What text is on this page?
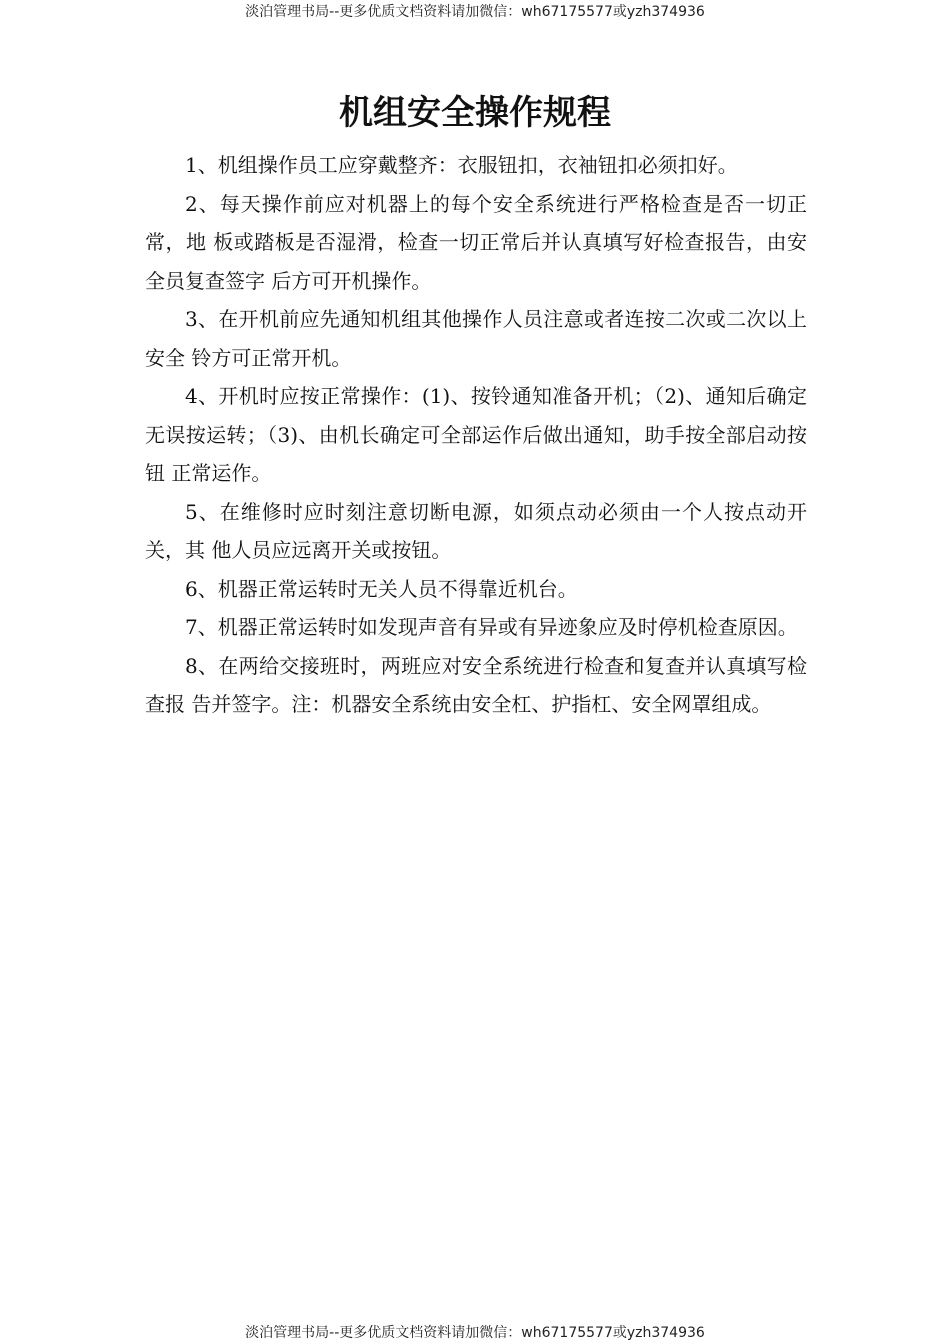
淡泊管理书局--更多优质文档资料请加微信：wh67175577或yzh374936
机组安全操作规程

1、机组操作员工应穿戴整齐：衣服钮扣，衣袖钮扣必须扣好。

2、每天操作前应对机器上的每个安全系统进行严格检查是否一切正常，地 板或踏板是否湿滑，检查一切正常后并认真填写好检查报告，由安全员复查签字 后方可开机操作。

3、在开机前应先通知机组其他操作人员注意或者连按二次或二次以上安全 铃方可正常开机。

4、开机时应按正常操作：(1)、按铃通知准备开机；（2)、通知后确定 无误按运转；（3)、由机长确定可全部运作后做出通知，助手按全部启动按钮 正常运作。

5、在维修时应时刻注意切断电源，如须点动必须由一个人按点动开关，其 他人员应远离开关或按钮。

6、机器正常运转时无关人员不得靠近机台。

7、机器正常运转时如发现声音有异或有异迹象应及时停机检查原因。

8、在两给交接班时，两班应对安全系统进行检查和复查并认真填写检查报 告并签字。注：机器安全系统由安全杠、护指杠、安全网罩组成。

淡泊管理书局--更多优质文档资料请加微信：wh67175577或yzh374936
